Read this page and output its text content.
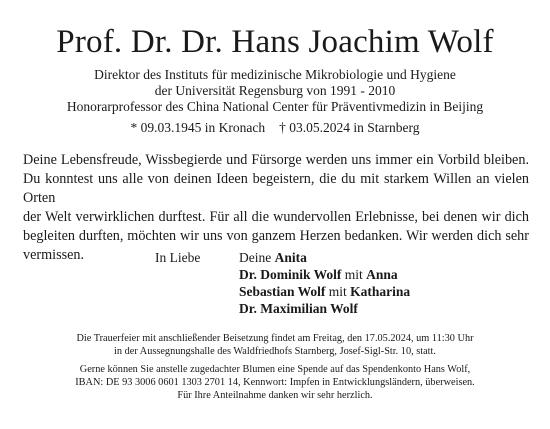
Prof. Dr. Dr. Hans Joachim Wolf
Direktor des Instituts für medizinische Mikrobiologie und Hygiene
der Universität Regensburg von 1991 - 2010
Honorarprofessor des China National Center für Präventivmedizin in Beijing
* 09.03.1945 in Kronach † 03.05.2024 in Starnberg
Deine Lebensfreude, Wissbegierde und Fürsorge werden uns immer ein Vorbild bleiben.
Du konntest uns alle von deinen Ideen begeistern, die du mit starkem Willen an vielen Orten
der Welt verwirklichen durftest. Für all die wundervollen Erlebnisse, bei denen wir dich
begleiten durften, möchten wir uns von ganzem Herzen bedanken. Wir werden dich sehr
vermissen.	In Liebe	Deine Anita
Dr. Dominik Wolf mit Anna
Sebastian Wolf mit Katharina
Dr. Maximilian Wolf
Die Trauerfeier mit anschließender Beisetzung findet am Freitag, den 17.05.2024, um 11:30 Uhr
in der Aussegnungshalle des Waldfriedhofs Starnberg, Josef-Sigl-Str. 10, statt.
Gerne können Sie anstelle zugedachter Blumen eine Spende auf das Spendenkonto Hans Wolf,
IBAN: DE 93 3006 0601 1303 2701 14, Kennwort: Impfen in Entwicklungsländern, überweisen.
Für Ihre Anteilnahme danken wir sehr herzlich.
